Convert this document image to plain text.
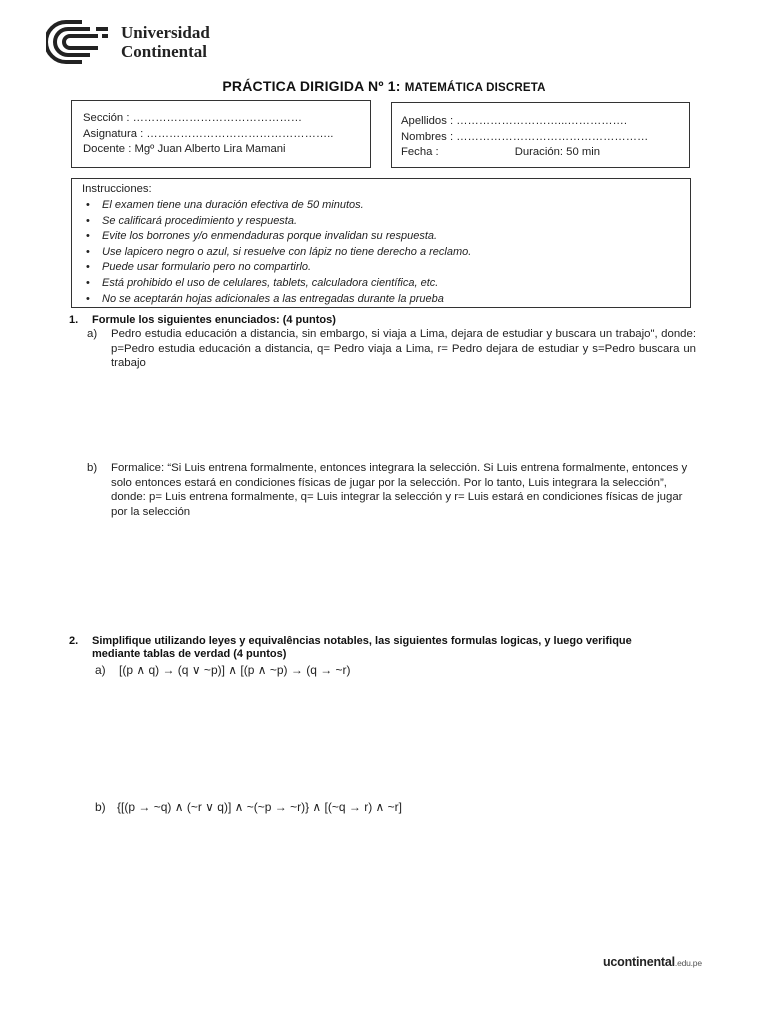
Universidad
Continental
PRÁCTICA DIRIGIDA Nº 1: MATEMÁTICA DISCRETA
Sección : ………………………………………
Asignatura : …………………………………………..
Docente : Mgº Juan Alberto Lira Mamani
Apellidos : ………………………...…………….
Nombres : ……………………………………………
Fecha :	Duración: 50 min
Instrucciones:
• El examen tiene una duración efectiva de 50 minutos.
• Se calificará procedimiento y respuesta.
• Evite los borrones y/o enmendaduras porque invalidan su respuesta.
• Use lapicero negro o azul, si resuelve con lápiz no tiene derecho a reclamo.
• Puede usar formulario pero no compartirlo.
• Está prohibido el uso de celulares, tablets, calculadora científica, etc.
• No se aceptarán hojas adicionales a las entregadas durante la prueba
1. Formule los siguientes enunciados: (4 puntos)
a) Pedro estudia educación a distancia, sin embargo, si viaja a Lima, dejara de estudiar y buscara un trabajo", donde: p=Pedro estudia educación a distancia, q= Pedro viaja a Lima, r= Pedro dejara de estudiar y s=Pedro buscara un trabajo
b) Formalice: “Si Luis entrena formalmente, entonces integrara la selección. Si Luis entrena formalmente, entonces y solo entonces estará en condiciones físicas de jugar por la selección. Por lo tanto, Luis integrara la selección”, donde: p= Luis entrena formalmente, q= Luis integrar la selección y r= Luis estará en condiciones físicas de jugar por la selección
2. Simplifique utilizando leyes y equivalências notables, las siguientes formulas logicas, y luego verifique mediante tablas de verdad (4 puntos)
a) [(p ∧ q) → (q ∨ ~p)] ∧ [(p ∧ ~p) → (q → ~r)
b) {[(p → ~q) ∧ (~r ∨ q)] ∧ ~(~p → ~r)} ∧ [(~q → r) ∧ ~r]
ucontinental.edu.pe
